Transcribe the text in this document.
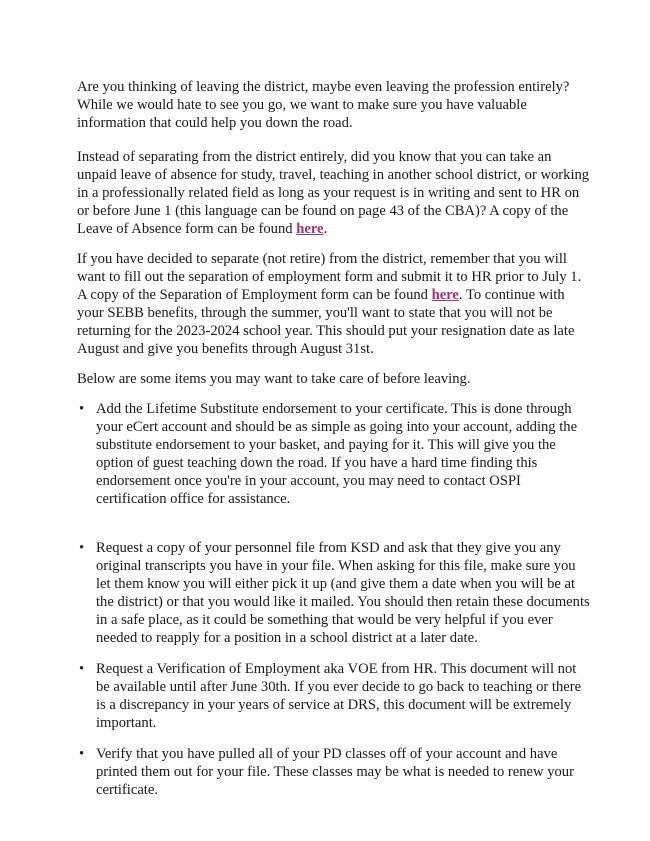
Are you thinking of leaving the district, maybe even leaving the profession entirely? While we would hate to see you go, we want to make sure you have valuable information that could help you down the road.

Instead of separating from the district entirely, did you know that you can take an unpaid leave of absence for study, travel, teaching in another school district, or working in a professionally related field as long as your request is in writing and sent to HR on or before June 1 (this language can be found on page 43 of the CBA)? A copy of the Leave of Absence form can be found here.

If you have decided to separate (not retire) from the district, remember that you will want to fill out the separation of employment form and submit it to HR prior to July 1. A copy of the Separation of Employment form can be found here. To continue with your SEBB benefits, through the summer, you'll want to state that you will not be returning for the 2023-2024 school year. This should put your resignation date as late August and give you benefits through August 31st.

Below are some items you may want to take care of before leaving.

• Add the Lifetime Substitute endorsement to your certificate. This is done through your eCert account and should be as simple as going into your account, adding the substitute endorsement to your basket, and paying for it. This will give you the option of guest teaching down the road. If you have a hard time finding this endorsement once you're in your account, you may need to contact OSPI certification office for assistance.
• Request a copy of your personnel file from KSD and ask that they give you any original transcripts you have in your file. When asking for this file, make sure you let them know you will either pick it up (and give them a date when you will be at the district) or that you would like it mailed. You should then retain these documents in a safe place, as it could be something that would be very helpful if you ever needed to reapply for a position in a school district at a later date.
• Request a Verification of Employment aka VOE from HR. This document will not be available until after June 30th. If you ever decide to go back to teaching or there is a discrepancy in your years of service at DRS, this document will be extremely important.
• Verify that you have pulled all of your PD classes off of your account and have printed them out for your file. These classes may be what is needed to renew your certificate.
